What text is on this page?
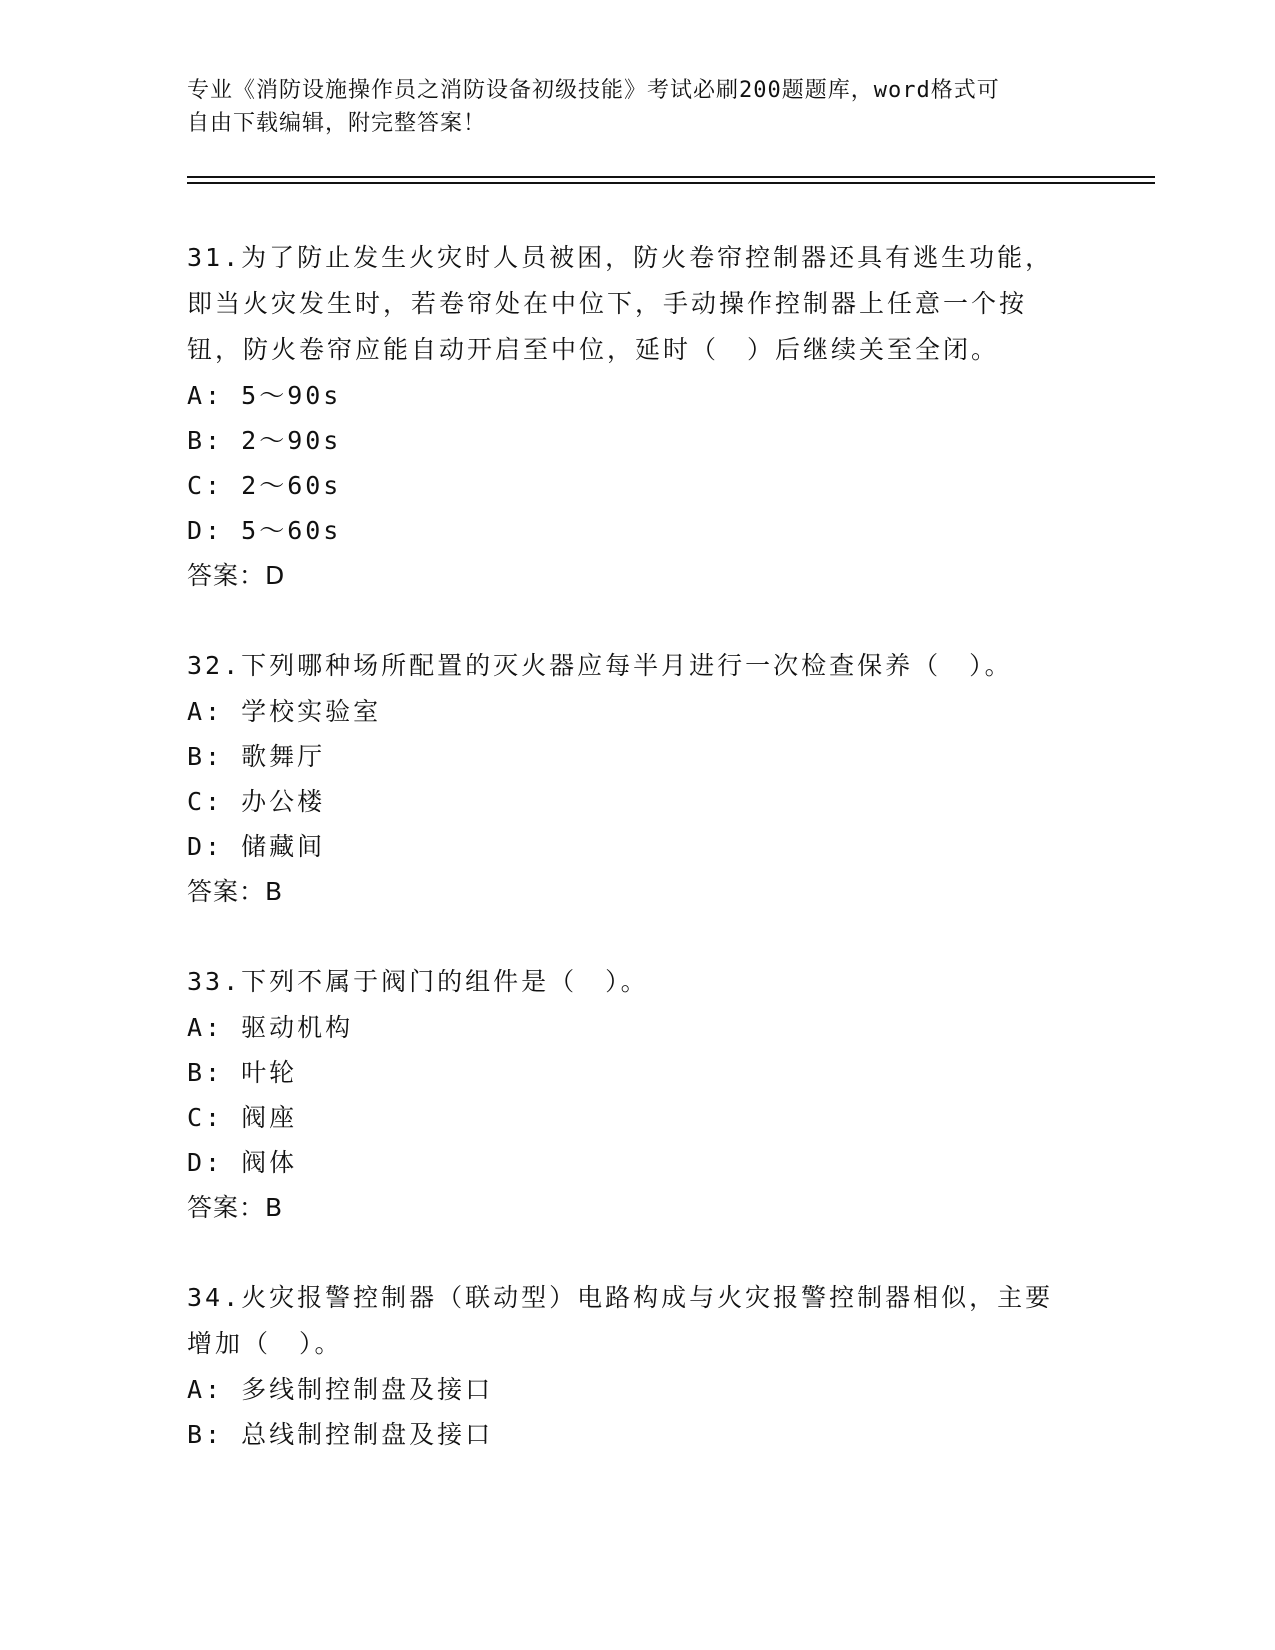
专业《消防设施操作员之消防设备初级技能》考试必刷200题题库，word格式可
自由下载编辑，附完整答案！

31.为了防止发生火灾时人员被困，防火卷帘控制器还具有逃生功能，即当火灾发生时，若卷帘处在中位下，手动操作控制器上任意一个按钮，防火卷帘应能自动开启至中位，延时（　）后继续关至全闭。

A: 5～90s

B: 2～90s

C: 2～60s

D: 5～60s

答案：D

32.下列哪种场所配置的灭火器应每半月进行一次检查保养（　）。

A: 学校实验室

B: 歌舞厅

C: 办公楼

D: 储藏间

答案：B

33.下列不属于阀门的组件是（　）。

A: 驱动机构

B: 叶轮

C: 阀座

D: 阀体

答案：B

34.火灾报警控制器（联动型）电路构成与火灾报警控制器相似，主要增加（　）。

A: 多线制控制盘及接口

B: 总线制控制盘及接口
